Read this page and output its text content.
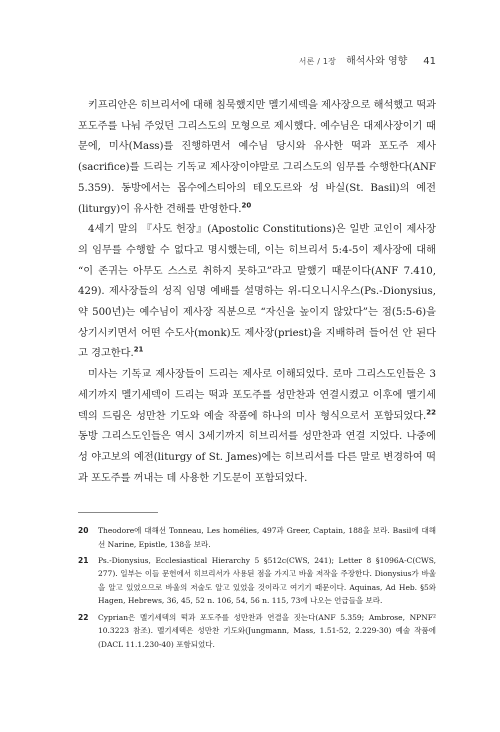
서론 / 1장 해석사와 영향 41

키프리안은 히브리서에 대해 침묵했지만 멜기세덱을 제사장으로 해석했고 떡과 포도주를 나눠 주었던 그리스도의 모형으로 제시했다. 예수님은 대제사장이기 때문에, 미사(Mass)를 진행하면서 예수님 당시와 유사한 떡과 포도주 제사(sacrifice)를 드리는 기독교 제사장이야말로 그리스도의 임무를 수행한다(ANF 5.359). 동방에서는 몹수에스티아의 테오도르와 성 바실(St. Basil)의 예전(liturgy)이 유사한 견해를 반영한다.$^{20}$

4세기 말의 『사도 헌장』(Apostolic Constitutions)은 일반 교인이 제사장의 임무를 수행할 수 없다고 명시했는데, 이는 히브리서 5:4-5이 제사장에 대해 “이 존귀는 아무도 스스로 취하지 못하고”라고 말했기 때문이다(ANF 7.410, 429). 제사장들의 성직 임명 예배를 설명하는 위-디오니시우스(Ps.-Dionysius, 약 500년)는 예수님이 제사장 직분으로 “자신을 높이지 않았다”는 점(5:5-6)을 상기시키면서 어떤 수도사(monk)도 제사장(priest)을 지배하려 들어선 안 된다고 경고한다.$^{21}$

미사는 기독교 제사장들이 드리는 제사로 이해되었다. 로마 그리스도인들은 3세기까지 멜기세덱이 드리는 떡과 포도주를 성만찬과 연결시켰고 이후에 멜기세덱의 드림은 성만찬 기도와 예술 작품에 하나의 미사 형식으로서 포함되었다.$^{22}$ 동방 그리스도인들은 역시 3세기까지 히브리서를 성만찬과 연결 지었다. 나중에 성 야고보의 예전(liturgy of St. James)에는 히브리서를 다른 말로 변경하여 떡과 포도주를 꺼내는 데 사용한 기도문이 포함되었다.

20	Theodore에 대해선 Tonneau, Les homélies, 497과 Greer, Captain, 188을 보라. Basil에 대해선 Narine, Epistle, 138을 보라.
21	Ps.-Dionysius, Ecclesiastical Hierarchy 5 §512c(CWS, 241); Letter 8 §1096A-C(CWS, 277). 일부는 이들 문헌에서 히브리서가 사용된 점을 가지고 바울 저작을 주장한다. Dionysius가 바울을 알고 있었으므로 바울의 저술도 알고 있었을 것이라고 여기기 때문이다. Aquinas, Ad Heb. §5와 Hagen, Hebrews, 36, 45, 52 n. 106, 54, 56 n. 115, 73에 나오는 언급들을 보라.
22	Cyprian은 멜기세덱의 떡과 포도주를 성만찬과 연결을 짓는다(ANF 5.359; Ambrose, NPNF² 10.3223 참조). 멜기세덱은 성만찬 기도와(Jungmann, Mass, 1.51-52, 2.229-30) 예술 작품에(DACL 11.1.230-40) 포함되었다.
